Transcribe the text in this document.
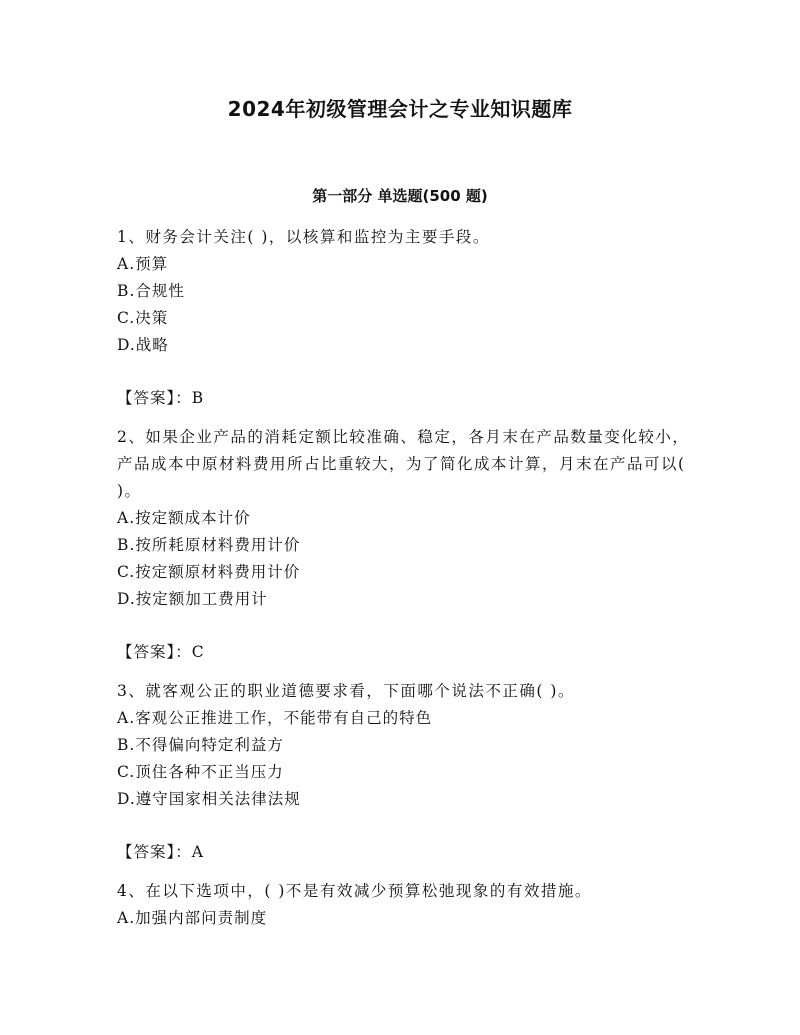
2024年初级管理会计之专业知识题库
第一部分 单选题(500 题)
1、财务会计关注( )，以核算和监控为主要手段。
A.预算
B.合规性
C.决策
D.战略
【答案】：B
2、如果企业产品的消耗定额比较准确、稳定，各月末在产品数量变化较小，产品成本中原材料费用所占比重较大，为了简化成本计算，月末在产品可以( )。
A.按定额成本计价
B.按所耗原材料费用计价
C.按定额原材料费用计价
D.按定额加工费用计
【答案】：C
3、就客观公正的职业道德要求看，下面哪个说法不正确( )。
A.客观公正推进工作，不能带有自己的特色
B.不得偏向特定利益方
C.顶住各种不正当压力
D.遵守国家相关法律法规
【答案】：A
4、在以下选项中，( )不是有效减少预算松弛现象的有效措施。
A.加强内部问责制度
